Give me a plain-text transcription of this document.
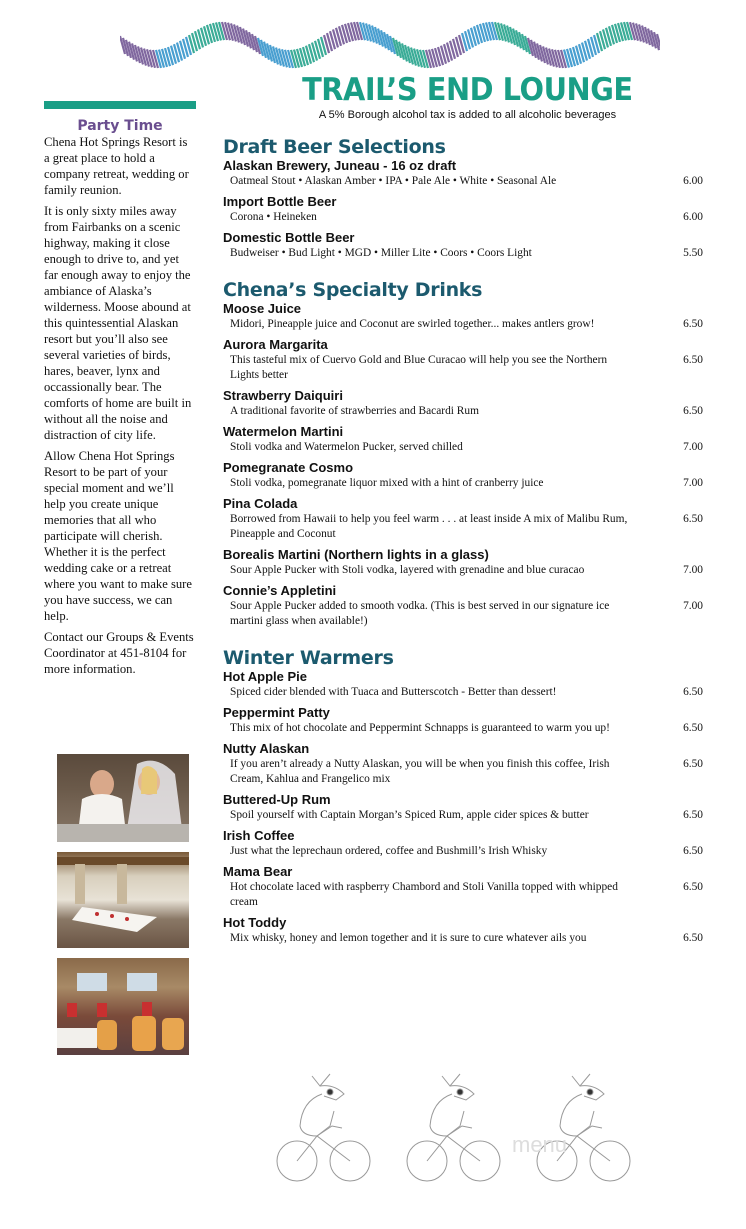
TRAIL’S END LOUNGE
A 5% Borough alcohol tax is added to all alcoholic beverages
Party Time

Chena Hot Springs Resort is a great place to hold a company retreat, wedding or family reunion.

It is only sixty miles away from Fairbanks on a scenic highway, making it close enough to drive to, and yet far enough away to enjoy the ambiance of Alaska’s wilderness. Moose abound at this quintessential Alaskan resort but you’ll also see several varieties of birds, hares, beaver, lynx and occassionally bear. The comforts of home are built in without all the noise and distraction of city life.

Allow Chena Hot Springs Resort to be part of your special moment and we’ll help you create unique memories that all who participate will cherish. Whether it is the perfect wedding cake or a retreat where you want to make sure you have success, we can help.

Contact our Groups & Events Coordinator at 451-8104 for more information.

Draft Beer Selections
Alaskan Brewery, Juneau - 16 oz draft
Oatmeal Stout • Alaskan Amber • IPA • Pale Ale • White • Seasonal Ale	6.00
Import Bottle Beer
Corona • Heineken	6.00
Domestic Bottle Beer
Budweiser • Bud Light • MGD • Miller Lite • Coors • Coors Light	5.50
Chena’s Specialty Drinks
Moose Juice
Midori, Pineapple juice and Coconut are swirled together... makes antlers grow!	6.50
Aurora Margarita
This tasteful mix of Cuervo Gold and Blue Curacao will help you see the Northern Lights better
6.50
Strawberry Daiquiri
A traditional favorite of strawberries and Bacardi Rum	6.50
Watermelon Martini
Stoli vodka and Watermelon Pucker, served chilled	7.00
Pomegranate Cosmo
Stoli vodka, pomegranate liquor mixed with a hint of cranberry juice	7.00
Pina Colada
Borrowed from Hawaii to help you feel warm . . . at least inside A mix of Malibu Rum, Pineapple and Coconut
6.50
Borealis Martini (Northern lights in a glass)
Sour Apple Pucker with Stoli vodka, layered with grenadine and blue curacao	7.00
Connie’s Appletini
Sour Apple Pucker added to smooth vodka. (This is best served in our signature ice martini glass when available!)
7.00
Winter Warmers
Hot Apple Pie
Spiced cider blended with Tuaca and Butterscotch - Better than dessert!	6.50
Peppermint Patty
This mix of hot chocolate and Peppermint Schnapps is guaranteed to warm you up!	6.50
Nutty Alaskan
If you aren’t already a Nutty Alaskan, you will be when you finish this coffee, Irish Cream, Kahlua and Frangelico mix
6.50
Buttered-Up Rum
Spoil yourself with Captain Morgan’s Spiced Rum, apple cider spices & butter	6.50
Irish Coffee
Just what the leprechaun ordered, coffee and Bushmill’s Irish Whisky	6.50
Mama Bear
Hot chocolate laced with raspberry Chambord and Stoli Vanilla topped with whipped cream
6.50
Hot Toddy
Mix whisky, honey and lemon together and it is sure to cure whatever ails you	6.50
menu
